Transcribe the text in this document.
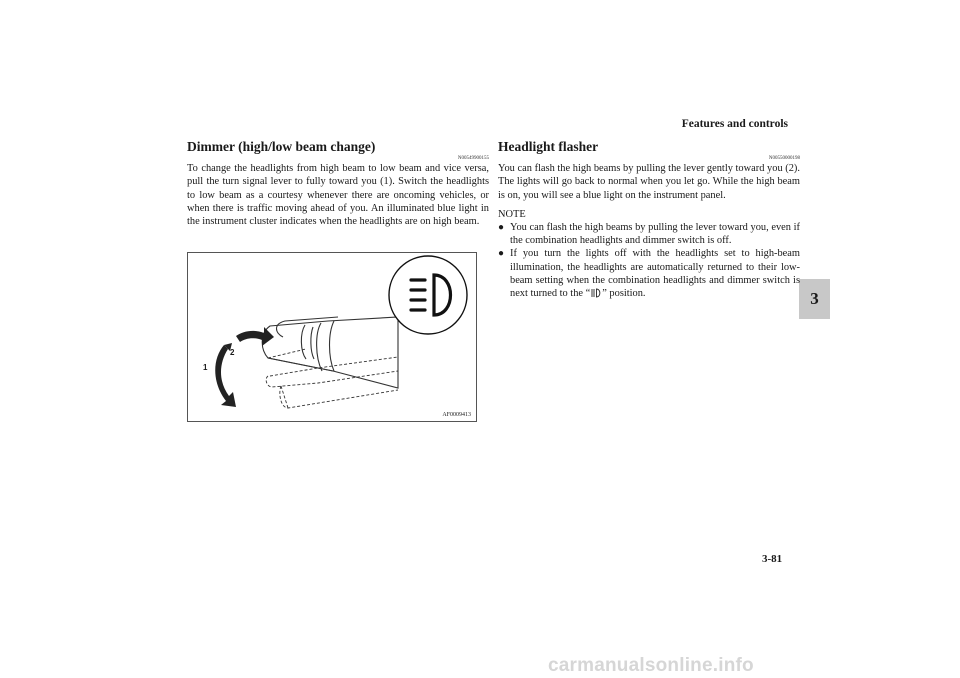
Features and controls
3
Dimmer (high/low beam change)
N00549900155

To change the headlights from high beam to low beam and vice versa, pull the turn signal lever to fully toward you (1). Switch the headlights to low beam as a courtesy whenever there are oncoming vehicles, or when there is traffic moving ahead of you. An illuminated blue light in the instrument cluster indicates when the headlights are on high beam.

1
2
AF0009413
Headlight flasher
N00550000198

You can flash the high beams by pulling the lever gently toward you (2). The lights will go back to normal when you let go. While the high beam is on, you will see a blue light on the instrument panel.

NOTE
● You can flash the high beams by pulling the lever toward you, even if the combination headlights and dimmer switch is off.
● If you turn the lights off with the headlights set to high-beam illumination, the headlights are automatically returned to their low-beam setting when the combination headlights and dimmer switch is next turned to the “ ” position.
3-81
carmanualsonline.info
